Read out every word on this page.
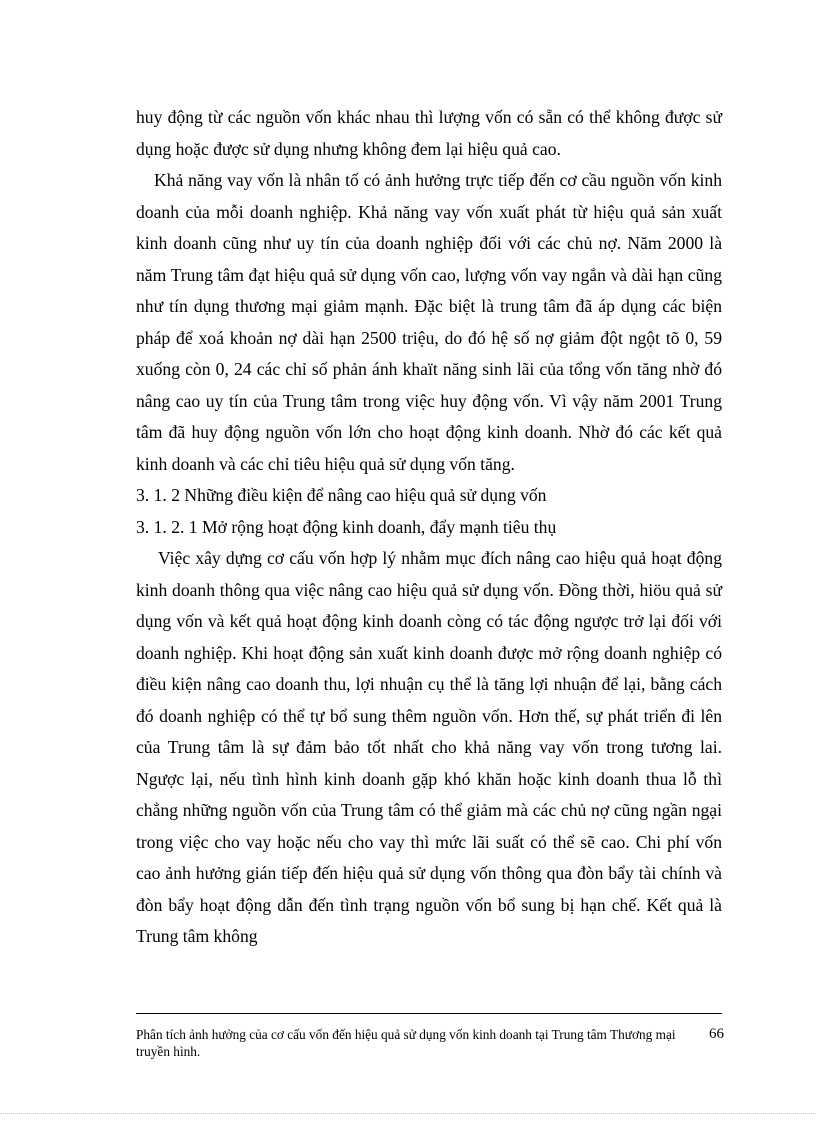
huy động từ các nguồn vốn khác nhau thì lượng vốn có sẵn có thể không được sử dụng hoặc được sử dụng nhưng không đem lại hiệu quả cao.

Khả năng vay vốn là nhân tố có ảnh hưởng trực tiếp đến cơ cầu nguồn vốn kinh doanh của mỗi doanh nghiệp. Khả năng vay vốn xuất phát từ hiệu quả sản xuất kinh doanh cũng như uy tín của doanh nghiệp đối với các chủ nợ. Năm 2000 là năm Trung tâm đạt hiệu quả sử dụng vốn cao, lượng vốn vay ngắn và dài hạn cũng như tín dụng thương mại giảm mạnh. Đặc biệt là trung tâm đã áp dụng các biện pháp để xoá khoản nợ dài hạn 2500 triệu, do đó hệ số nợ giảm đột ngột tõ 0, 59 xuống còn 0, 24 các chỉ số phản ánh khaït năng sinh lãi của tổng vốn tăng nhờ đó nâng cao uy tín của Trung tâm trong việc huy động vốn. Vì vậy năm 2001 Trung tâm đã huy động nguồn vốn lớn cho hoạt động kinh doanh. Nhờ đó các kết quả kinh doanh và các chỉ tiêu hiệu quả sử dụng vốn tăng.

3. 1. 2 Những điều kiện để nâng cao hiệu quả sử dụng vốn

3. 1. 2. 1 Mở rộng hoạt động kinh doanh, đẩy mạnh tiêu thụ

Việc xây dựng cơ cấu vốn hợp lý nhằm mục đích nâng cao hiệu quả hoạt động kinh doanh thông qua việc nâng cao hiệu quả sử dụng vốn. Đồng thời, hiöu quả sử dụng vốn và kết quả hoạt động kinh doanh còng có tác động ngược trở lại đối với doanh nghiệp. Khi hoạt động sản xuất kinh doanh được mở rộng doanh nghiệp có điều kiện nâng cao doanh thu, lợi nhuận cụ thể là tăng lợi nhuận để lại, bằng cách đó doanh nghiệp có thể tự bổ sung thêm nguồn vốn. Hơn thế, sự phát triển đi lên của Trung tâm là sự đảm bảo tốt nhất cho khả năng vay vốn trong tương lai. Ngược lại, nếu tình hình kinh doanh gặp khó khăn hoặc kinh doanh thua lỗ thì chẳng những nguồn vốn của Trung tâm có thể giảm mà các chủ nợ cũng ngần ngại trong việc cho vay hoặc nếu cho vay thì mức lãi suất có thể sẽ cao. Chi phí vốn cao ảnh hưởng gián tiếp đến hiệu quả sử dụng vốn thông qua đòn bẩy tài chính và đòn bẩy hoạt động dẫn đến tình trạng nguồn vốn bổ sung bị hạn chế. Kết quả là Trung tâm không

Phân tích ảnh hưởng của cơ cấu vốn đến hiệu quả sử dụng vốn kinh doanh tại Trung tâm Thương mại truyền hình.
66
